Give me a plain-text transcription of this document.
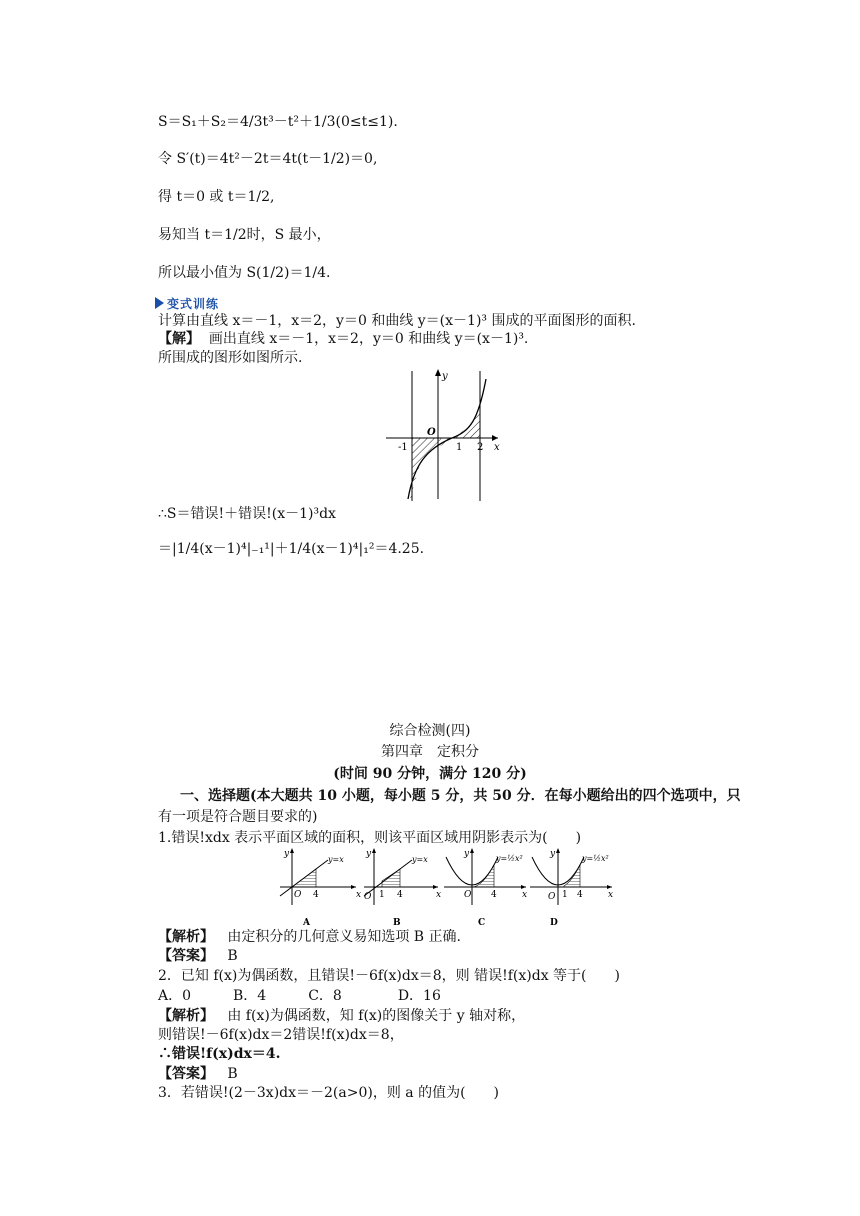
S＝S₁＋S₂＝4/3t³－t²＋1/3(0≤t≤1).
令 S′(t)＝4t²－2t＝4t(t－1/2)＝0,
得 t＝0 或 t＝1/2,
易知当 t＝1/2时，S 最小，
所以最小值为 S(1/2)＝1/4.
变式训练
计算由直线 x＝－1，x＝2，y＝0 和曲线 y＝(x－1)³ 围成的平面图形的面积.
【解】 画出直线 x＝－1，x＝2，y＝0 和曲线 y＝(x－1)³.
所围成的图形如图所示.
y
x
O
-1	1 2
∴S＝错误!＋错误!(x－1)³dx
＝|1/4(x－1)⁴|₋₁¹|＋1/4(x－1)⁴|₁²＝4.25.
综合检测(四)
第四章　定积分
(时间 90 分钟，满分 120 分)
一、选择题(本大题共 10 小题，每小题 5 分，共 50 分．在每小题给出的四个选项中，只
有一项是符合题目要求的)
1.错误!xdx 表示平面区域的面积，则该平面区域用阴影表示为(　　)
y
y=x
O 4	x
A
y
y=x
O 1 4	x
B
y	y=½x²
O 4	x
C
y	y=½x²
O 1 4	x
D
【解析】 由定积分的几何意义易知选项 B 正确.
【答案】 B
2．已知 f(x)为偶函数，且错误!－6f(x)dx＝8，则 错误!f(x)dx 等于(　　)
A．0　　　B．4　　　C．8　　　　D．16
【解析】 由 f(x)为偶函数，知 f(x)的图像关于 y 轴对称，
则错误!－6f(x)dx＝2错误!f(x)dx＝8，
∴错误!f(x)dx＝4.
【答案】 B
3．若错误!(2－3x)dx＝－2(a>0)，则 a 的值为(　　)
